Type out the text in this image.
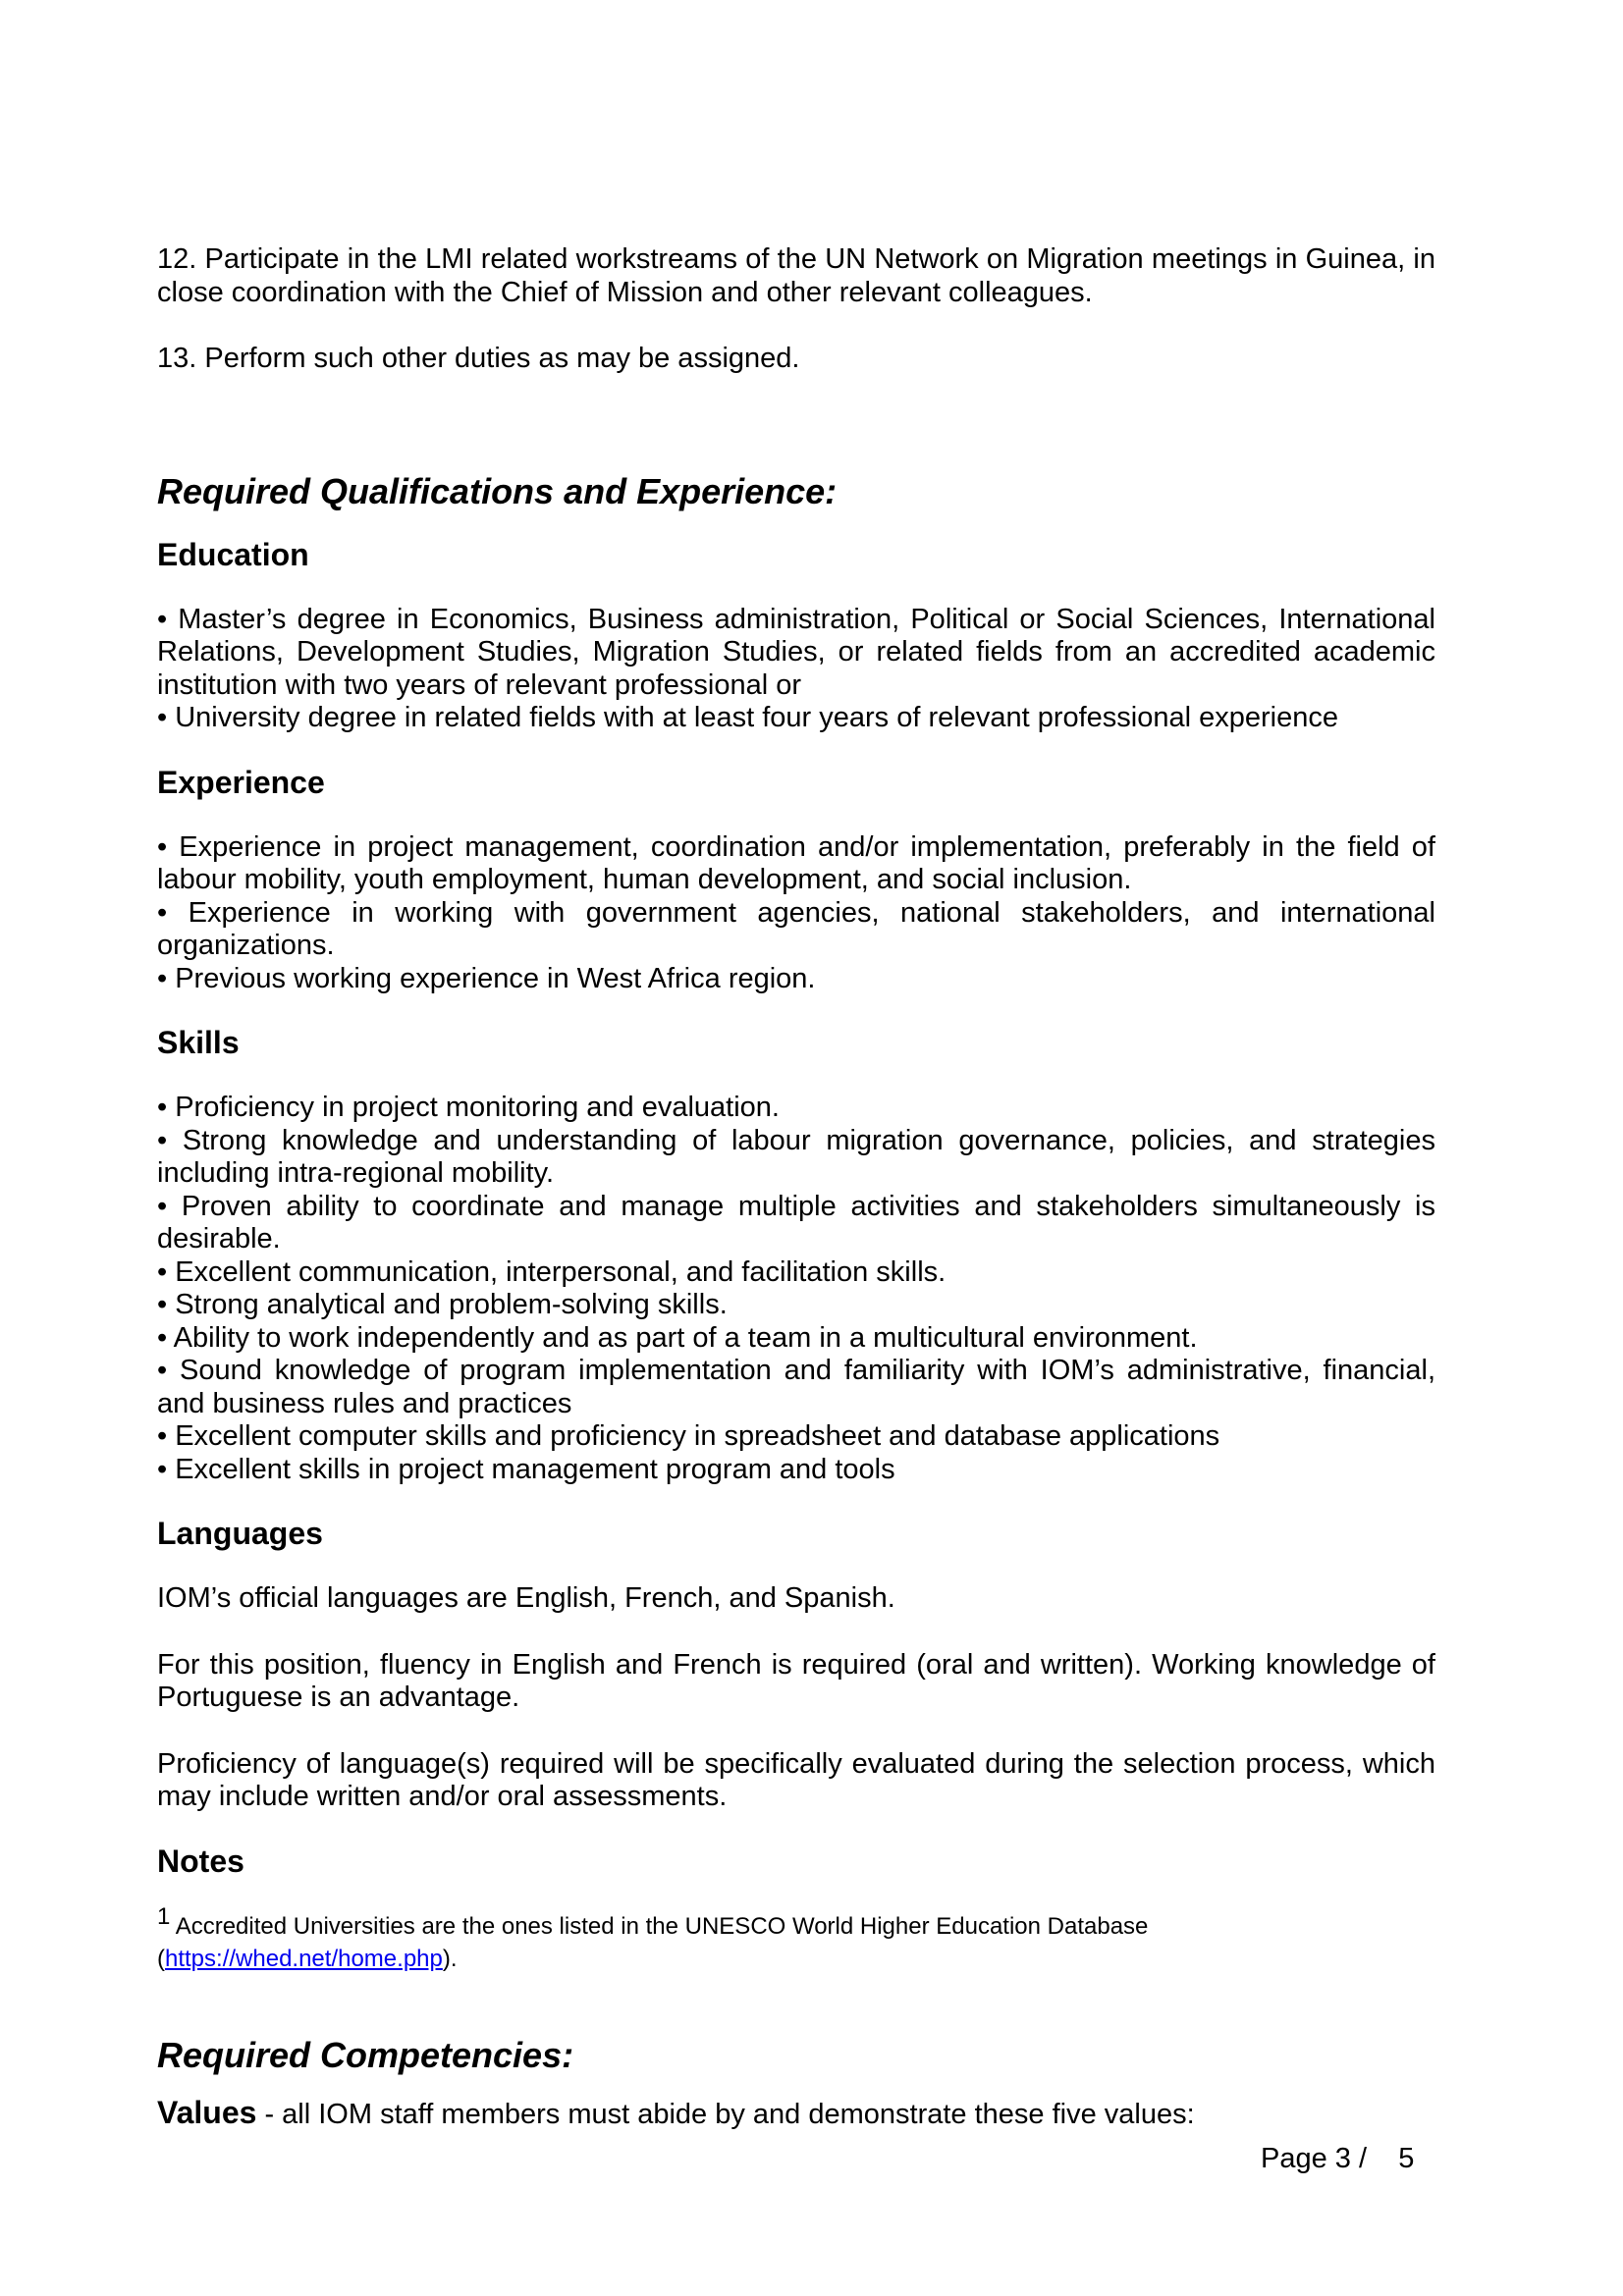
12. Participate in the LMI related workstreams of the UN Network on Migration meetings in Guinea, in close coordination with the Chief of Mission and other relevant colleagues.

13. Perform such other duties as may be assigned.

Required Qualifications and Experience:
Education
• Master’s degree in Economics, Business administration, Political or Social Sciences, International Relations, Development Studies, Migration Studies, or related fields from an accredited academic institution with two years of relevant professional or
• University degree in related fields with at least four years of relevant professional experience
Experience
• Experience in project management, coordination and/or implementation, preferably in the field of labour mobility, youth employment, human development, and social inclusion.
• Experience in working with government agencies, national stakeholders, and international organizations.
• Previous working experience in West Africa region.
Skills
• Proficiency in project monitoring and evaluation.
• Strong knowledge and understanding of labour migration governance, policies, and strategies including intra-regional mobility.
• Proven ability to coordinate and manage multiple activities and stakeholders simultaneously is desirable.
• Excellent communication, interpersonal, and facilitation skills.
• Strong analytical and problem-solving skills.
• Ability to work independently and as part of a team in a multicultural environment.
• Sound knowledge of program implementation and familiarity with IOM’s administrative, financial, and business rules and practices
• Excellent computer skills and proficiency in spreadsheet and database applications
• Excellent skills in project management program and tools
Languages

IOM’s official languages are English, French, and Spanish.

For this position, fluency in English and French is required (oral and written). Working knowledge of Portuguese is an advantage.

Proficiency of language(s) required will be specifically evaluated during the selection process, which may include written and/or oral assessments.

Notes

$^1$ Accredited Universities are the ones listed in the UNESCO World Higher Education Database

(https://whed.net/home.php).

Required Competencies:

Values - all IOM staff members must abide by and demonstrate these five values:

Page 3 /    5
